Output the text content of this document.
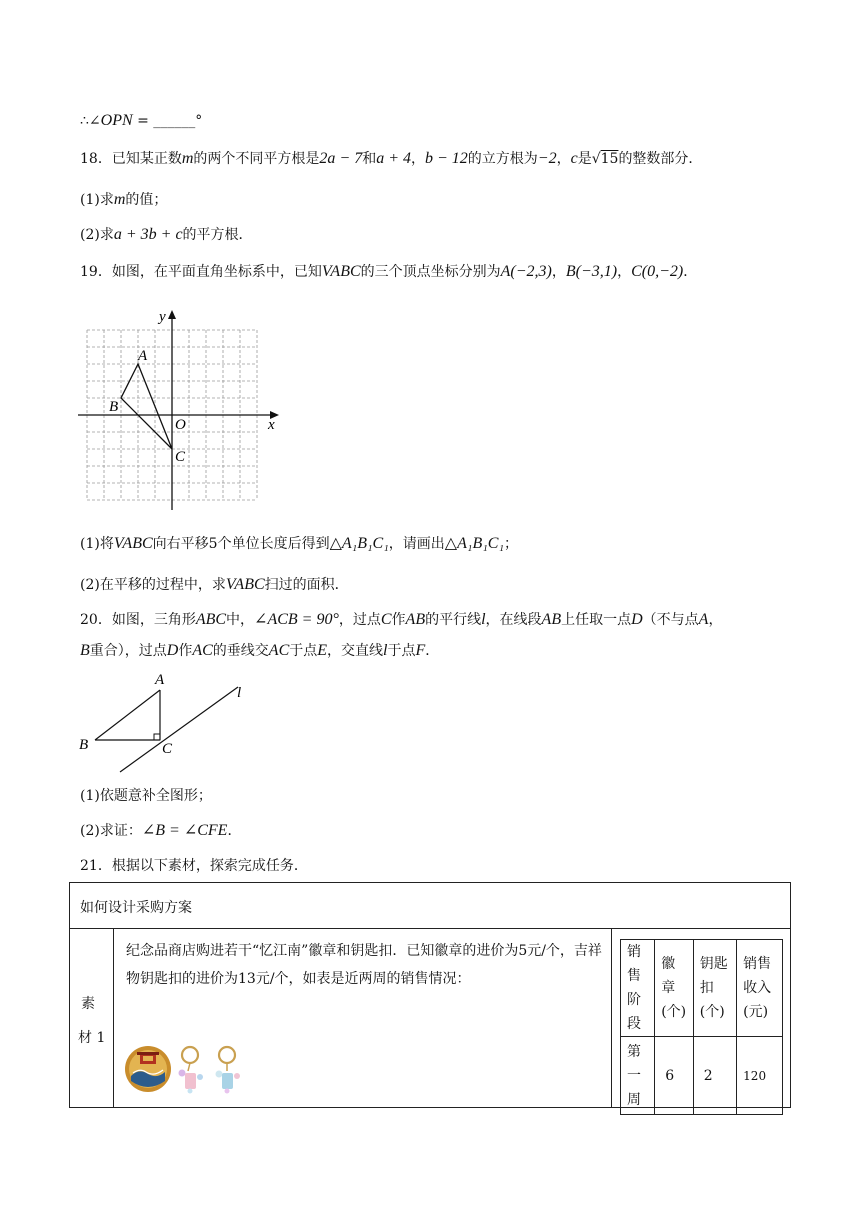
∴∠OPN = ______°
18．已知某正数m的两个不同平方根是2a − 7和a + 4，b − 12的立方根为−2，c是√15的整数部分．
(1)求m的值；
(2)求a + 3b + c的平方根．
19．如图，在平面直角坐标系中，已知VABC的三个顶点坐标分别为A(−2,3)，B(−3,1)，C(0,−2)．
y
x
O
A
B
C
(1)将VABC向右平移5个单位长度后得到△A₁B₁C₁，请画出△A₁B₁C₁；
(2)在平移的过程中，求VABC扫过的面积．
20．如图，三角形ABC中，∠ACB = 90°，过点C作AB的平行线l，在线段AB上任取一点D（不与点A，
B重合），过点D作AC的垂线交AC于点E，交直线l于点F．
A
B	C
l
(1)依题意补全图形；
(2)求证：∠B = ∠CFE．
21．根据以下素材，探索完成任务．
如何设计采购方案
素
材 1

纪念品商店购进若干“忆江南”徽章和钥匙扣．已知徽章的进价为5元/个，吉祥物钥匙扣的进价为13元/个，如表是近两周的销售情况：

销售阶段	徽章(个)	钥匙扣(个)	销售收入(元)
第一周	6	2	120
